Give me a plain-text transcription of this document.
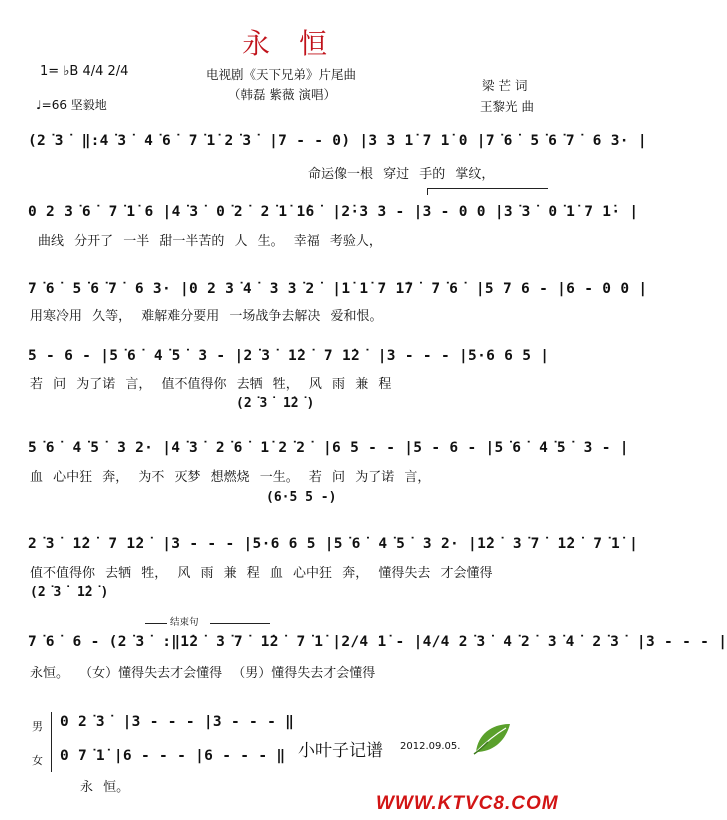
永 恒
1= ♭B 4/4 2/4
♩=66 坚毅地
电视剧《天下兄弟》片尾曲
（韩磊 紫薇 演唱）
梁 芒 词
王黎光 曲
(2͘3͘ ‖:4͘3͘ 4͘6͘ 7͘1̇ 2͘3͘ |7 - - 0) |3 3 1̇ 7 1̇ 0 |7͘6͘ 5͘6͘7͘ 6 3· |
命运像一根 穿过 手的 掌纹，
0 2 3͘6͘ 7͘1̇ 6 |4͘3͘ 0͘2͘ 2͘1̇ 1̇6͘ |2̇·3 3 - |3 - 0 0 |3͘3͘ 0͘1̇ 7 1̇· |
曲线 分开了 一半 甜一半苦的 人 生。 幸福 考验人，
7͘6͘ 5͘6͘7͘ 6 3· |0 2 3͘4͘ 3 3͘2͘ |1̇ 1̇ 7 1̇7͘ 7͘6͘ |5 7 6 - |6 - 0 0 |
用寒冷用 久等， 难解难分要用 一场战争去解决 爱和恨。
5 - 6 - |5͘6͘ 4͘5͘ 3 - |2͘3͘ 1̇2͘ 7 1̇2͘ |3 - - - |5·6 6 5 |
若 问 为了诺 言， 值不值得你 去牺 牲， 风 雨 兼 程
(2͘3͘ 1̇2͘)
5͘6͘ 4͘5͘ 3 2· |4͘3͘ 2͘6͘ 1̇ 2͘2͘ |6 5 - - |5 - 6 - |5͘6͘ 4͘5͘ 3 - |
血 心中狂 奔， 为不 灭梦 想燃烧 一生。 若 问 为了诺 言，
(6·5 5 -)
2͘3͘ 1̇2͘ 7 1̇2͘ |3 - - - |5·6 6 5 |5͘6͘ 4͘5͘ 3 2· |1̇2͘ 3͘7͘ 1̇2͘ 7͘1̇ |
值不值得你 去牺 牲， 风 雨 兼 程 血 心中狂 奔， 懂得失去 才会懂得
(2͘3͘ 1̇2͘)
结束句
7͘6͘ 6 - (2͘3͘ :‖1̇2͘ 3͘7͘ 1̇2͘ 7͘1̇ |2/4 1̇ - |4/4 2͘3͘ 4͘2͘ 3͘4͘ 2͘3͘ |3 - - - |
永恒。 （女）懂得失去才会懂得 （男）懂得失去才会懂得
男
女
0 2͘3͘ |3 - - - |3 - - - ‖
0 7͘1̇ |6 - - - |6 - - - ‖
永 恒。
小叶子记谱 2012.09.05.
WWW.KTVC8.COM
